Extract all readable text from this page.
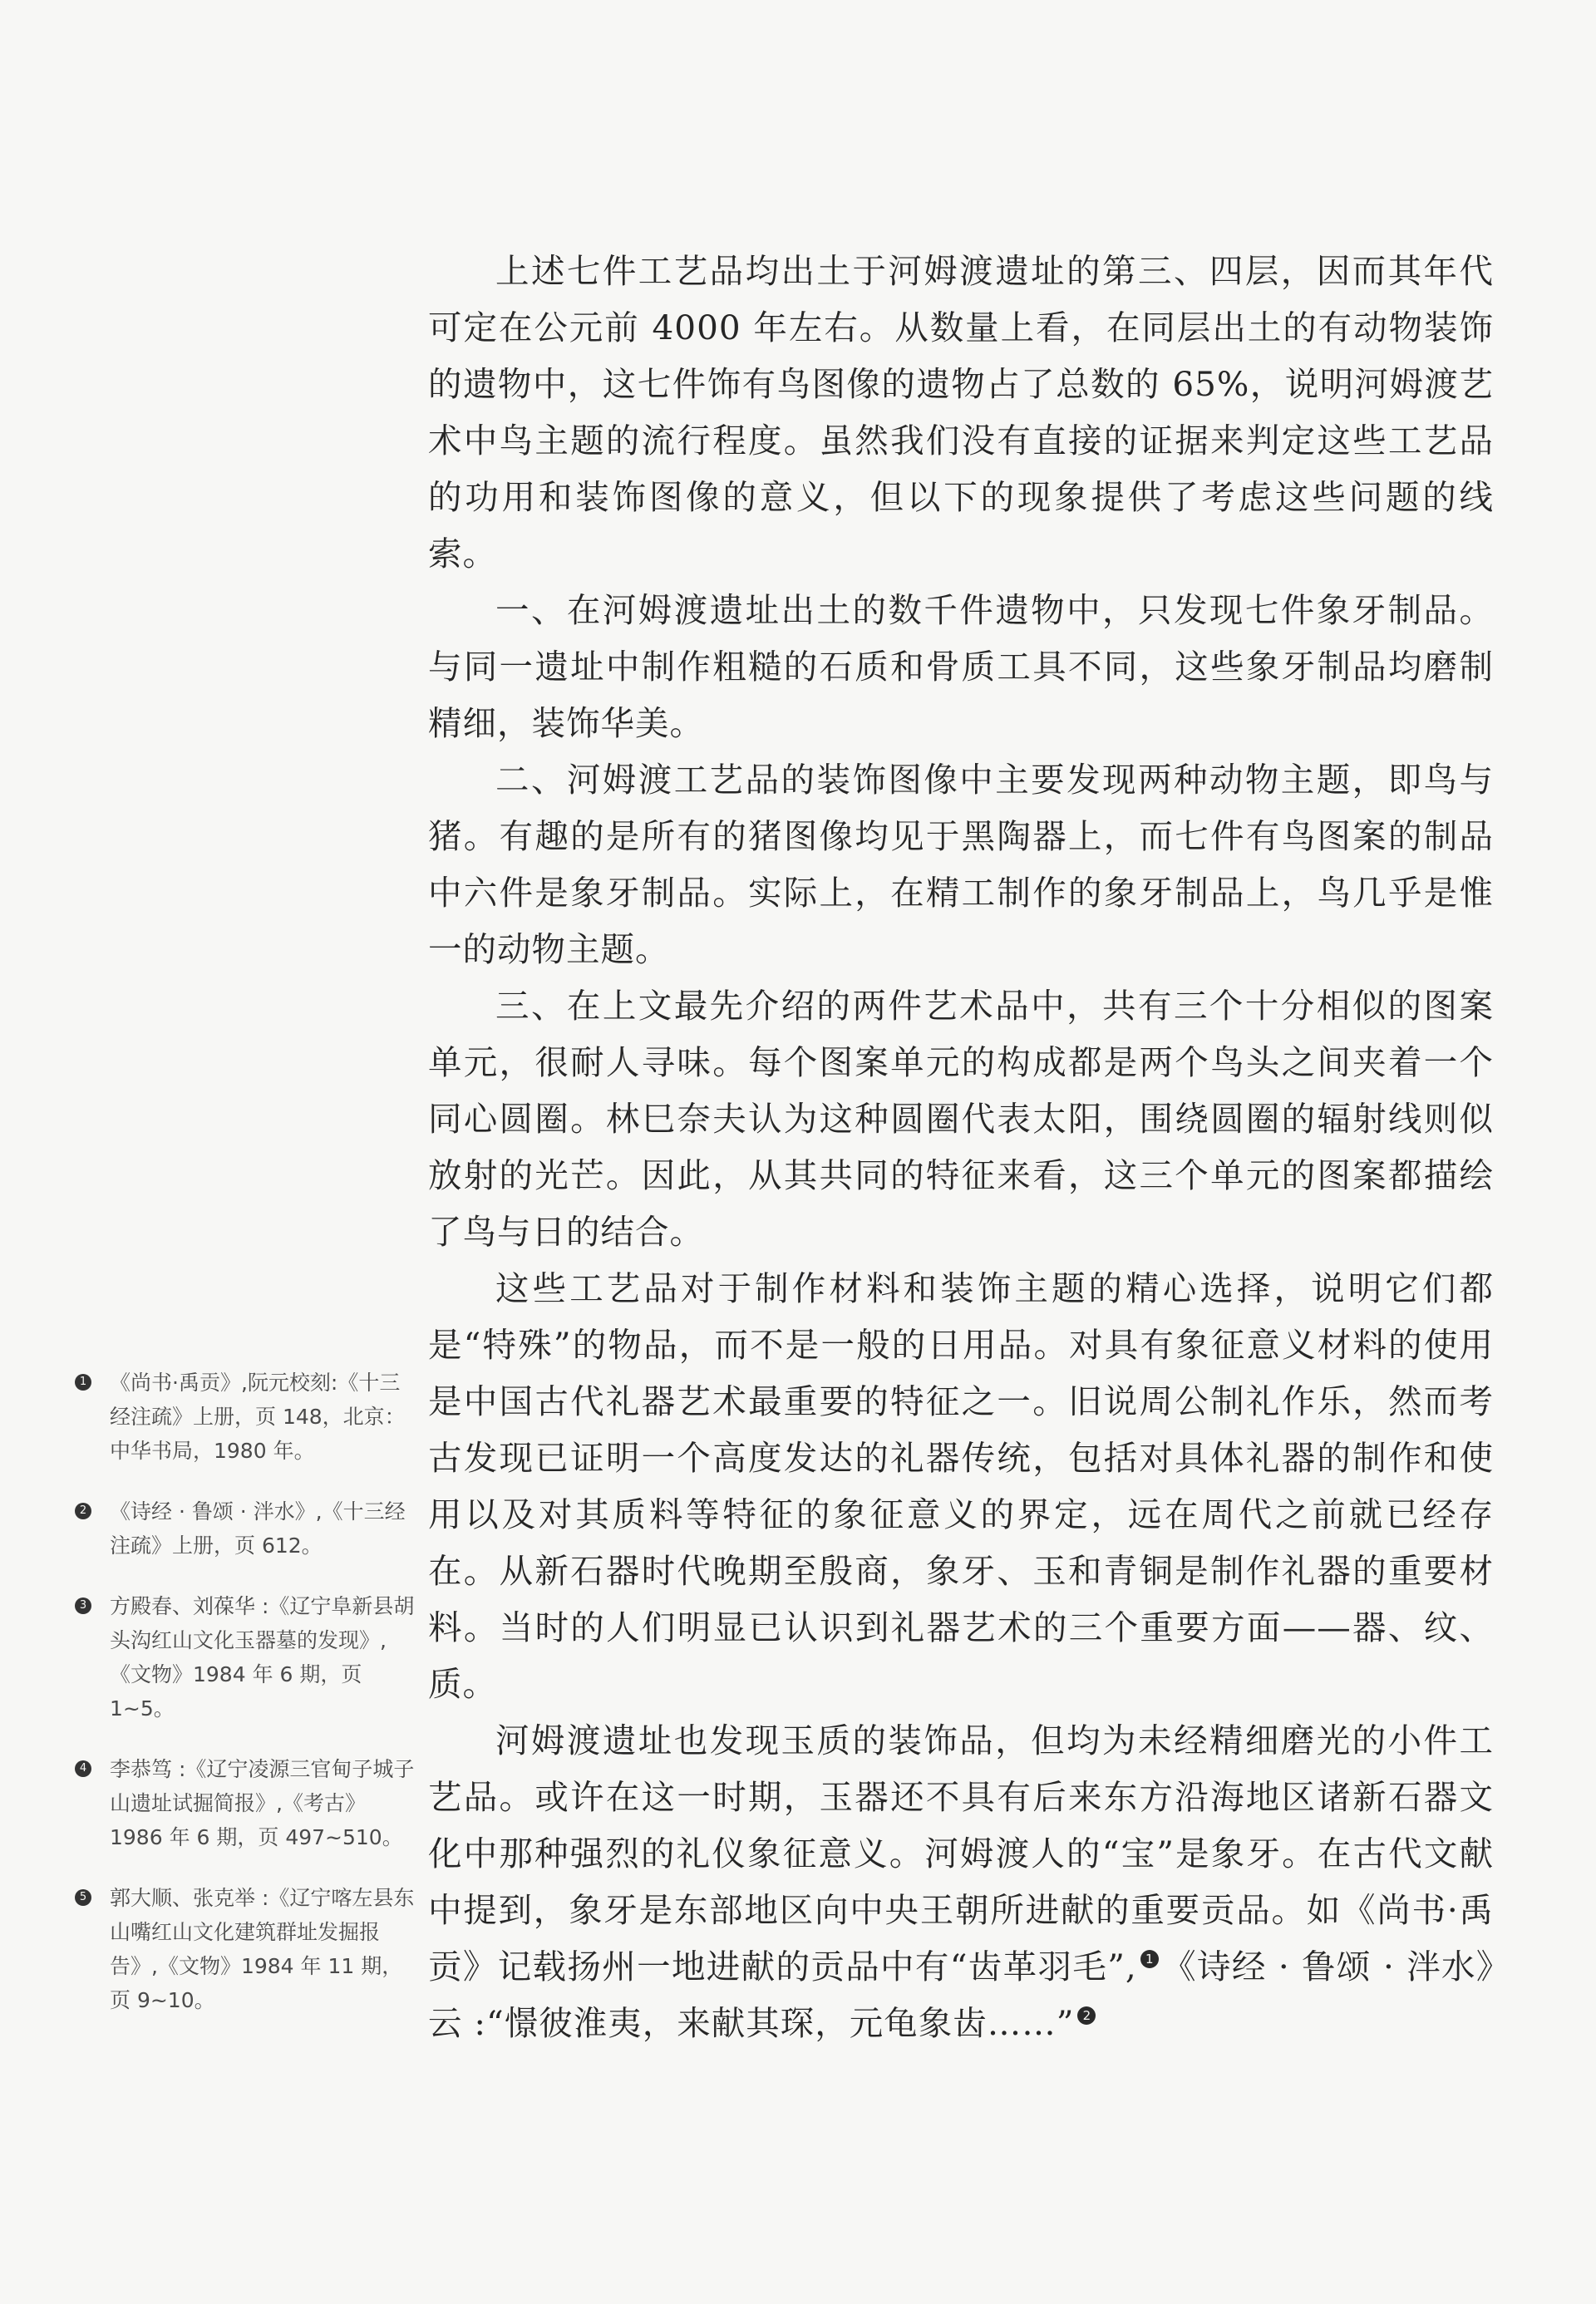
上述七件工艺品均出土于河姆渡遗址的第三、四层，因而其年代可定在公元前 4000 年左右。从数量上看，在同层出土的有动物装饰的遗物中，这七件饰有鸟图像的遗物占了总数的 65%，说明河姆渡艺术中鸟主题的流行程度。虽然我们没有直接的证据来判定这些工艺品的功用和装饰图像的意义，但以下的现象提供了考虑这些问题的线索。

一、在河姆渡遗址出土的数千件遗物中，只发现七件象牙制品。与同一遗址中制作粗糙的石质和骨质工具不同，这些象牙制品均磨制精细，装饰华美。

二、河姆渡工艺品的装饰图像中主要发现两种动物主题，即鸟与猪。有趣的是所有的猪图像均见于黑陶器上，而七件有鸟图案的制品中六件是象牙制品。实际上，在精工制作的象牙制品上，鸟几乎是惟一的动物主题。

三、在上文最先介绍的两件艺术品中，共有三个十分相似的图案单元，很耐人寻味。每个图案单元的构成都是两个鸟头之间夹着一个同心圆圈。林巳奈夫认为这种圆圈代表太阳，围绕圆圈的辐射线则似放射的光芒。因此，从其共同的特征来看，这三个单元的图案都描绘了鸟与日的结合。

这些工艺品对于制作材料和装饰主题的精心选择，说明它们都是“特殊”的物品，而不是一般的日用品。对具有象征意义材料的使用是中国古代礼器艺术最重要的特征之一。旧说周公制礼作乐，然而考古发现已证明一个高度发达的礼器传统，包括对具体礼器的制作和使用以及对其质料等特征的象征意义的界定，远在周代之前就已经存在。从新石器时代晚期至殷商，象牙、玉和青铜是制作礼器的重要材料。当时的人们明显已认识到礼器艺术的三个重要方面——器、纹、质。

河姆渡遗址也发现玉质的装饰品，但均为未经精细磨光的小件工艺品。或许在这一时期，玉器还不具有后来东方沿海地区诸新石器文化中那种强烈的礼仪象征意义。河姆渡人的“宝”是象牙。在古代文献中提到，象牙是东部地区向中央王朝所进献的重要贡品。如《尚书·禹贡》记载扬州一地进献的贡品中有“齿革羽毛”, 1 《诗经 · 鲁颂 · 泮水》云 :“憬彼淮夷，来献其琛，元龟象齿……” 2

1 《尚书·禹贡》,阮元校刻:《十三经注疏》上册，页 148，北京：中华书局，1980 年。
2 《诗经 · 鲁颂 · 泮水》,《十三经注疏》上册，页 612。
3 方殿春、刘葆华 :《辽宁阜新县胡头沟红山文化玉器墓的发现》,《文物》1984 年 6 期，页 1~5。
4 李恭笃 :《辽宁凌源三官甸子城子山遗址试掘简报》,《考古》1986 年 6 期，页 497~510。
5 郭大顺、张克举 :《辽宁喀左县东山嘴红山文化建筑群址发掘报告》,《文物》1984 年 11 期，页 9~10。
